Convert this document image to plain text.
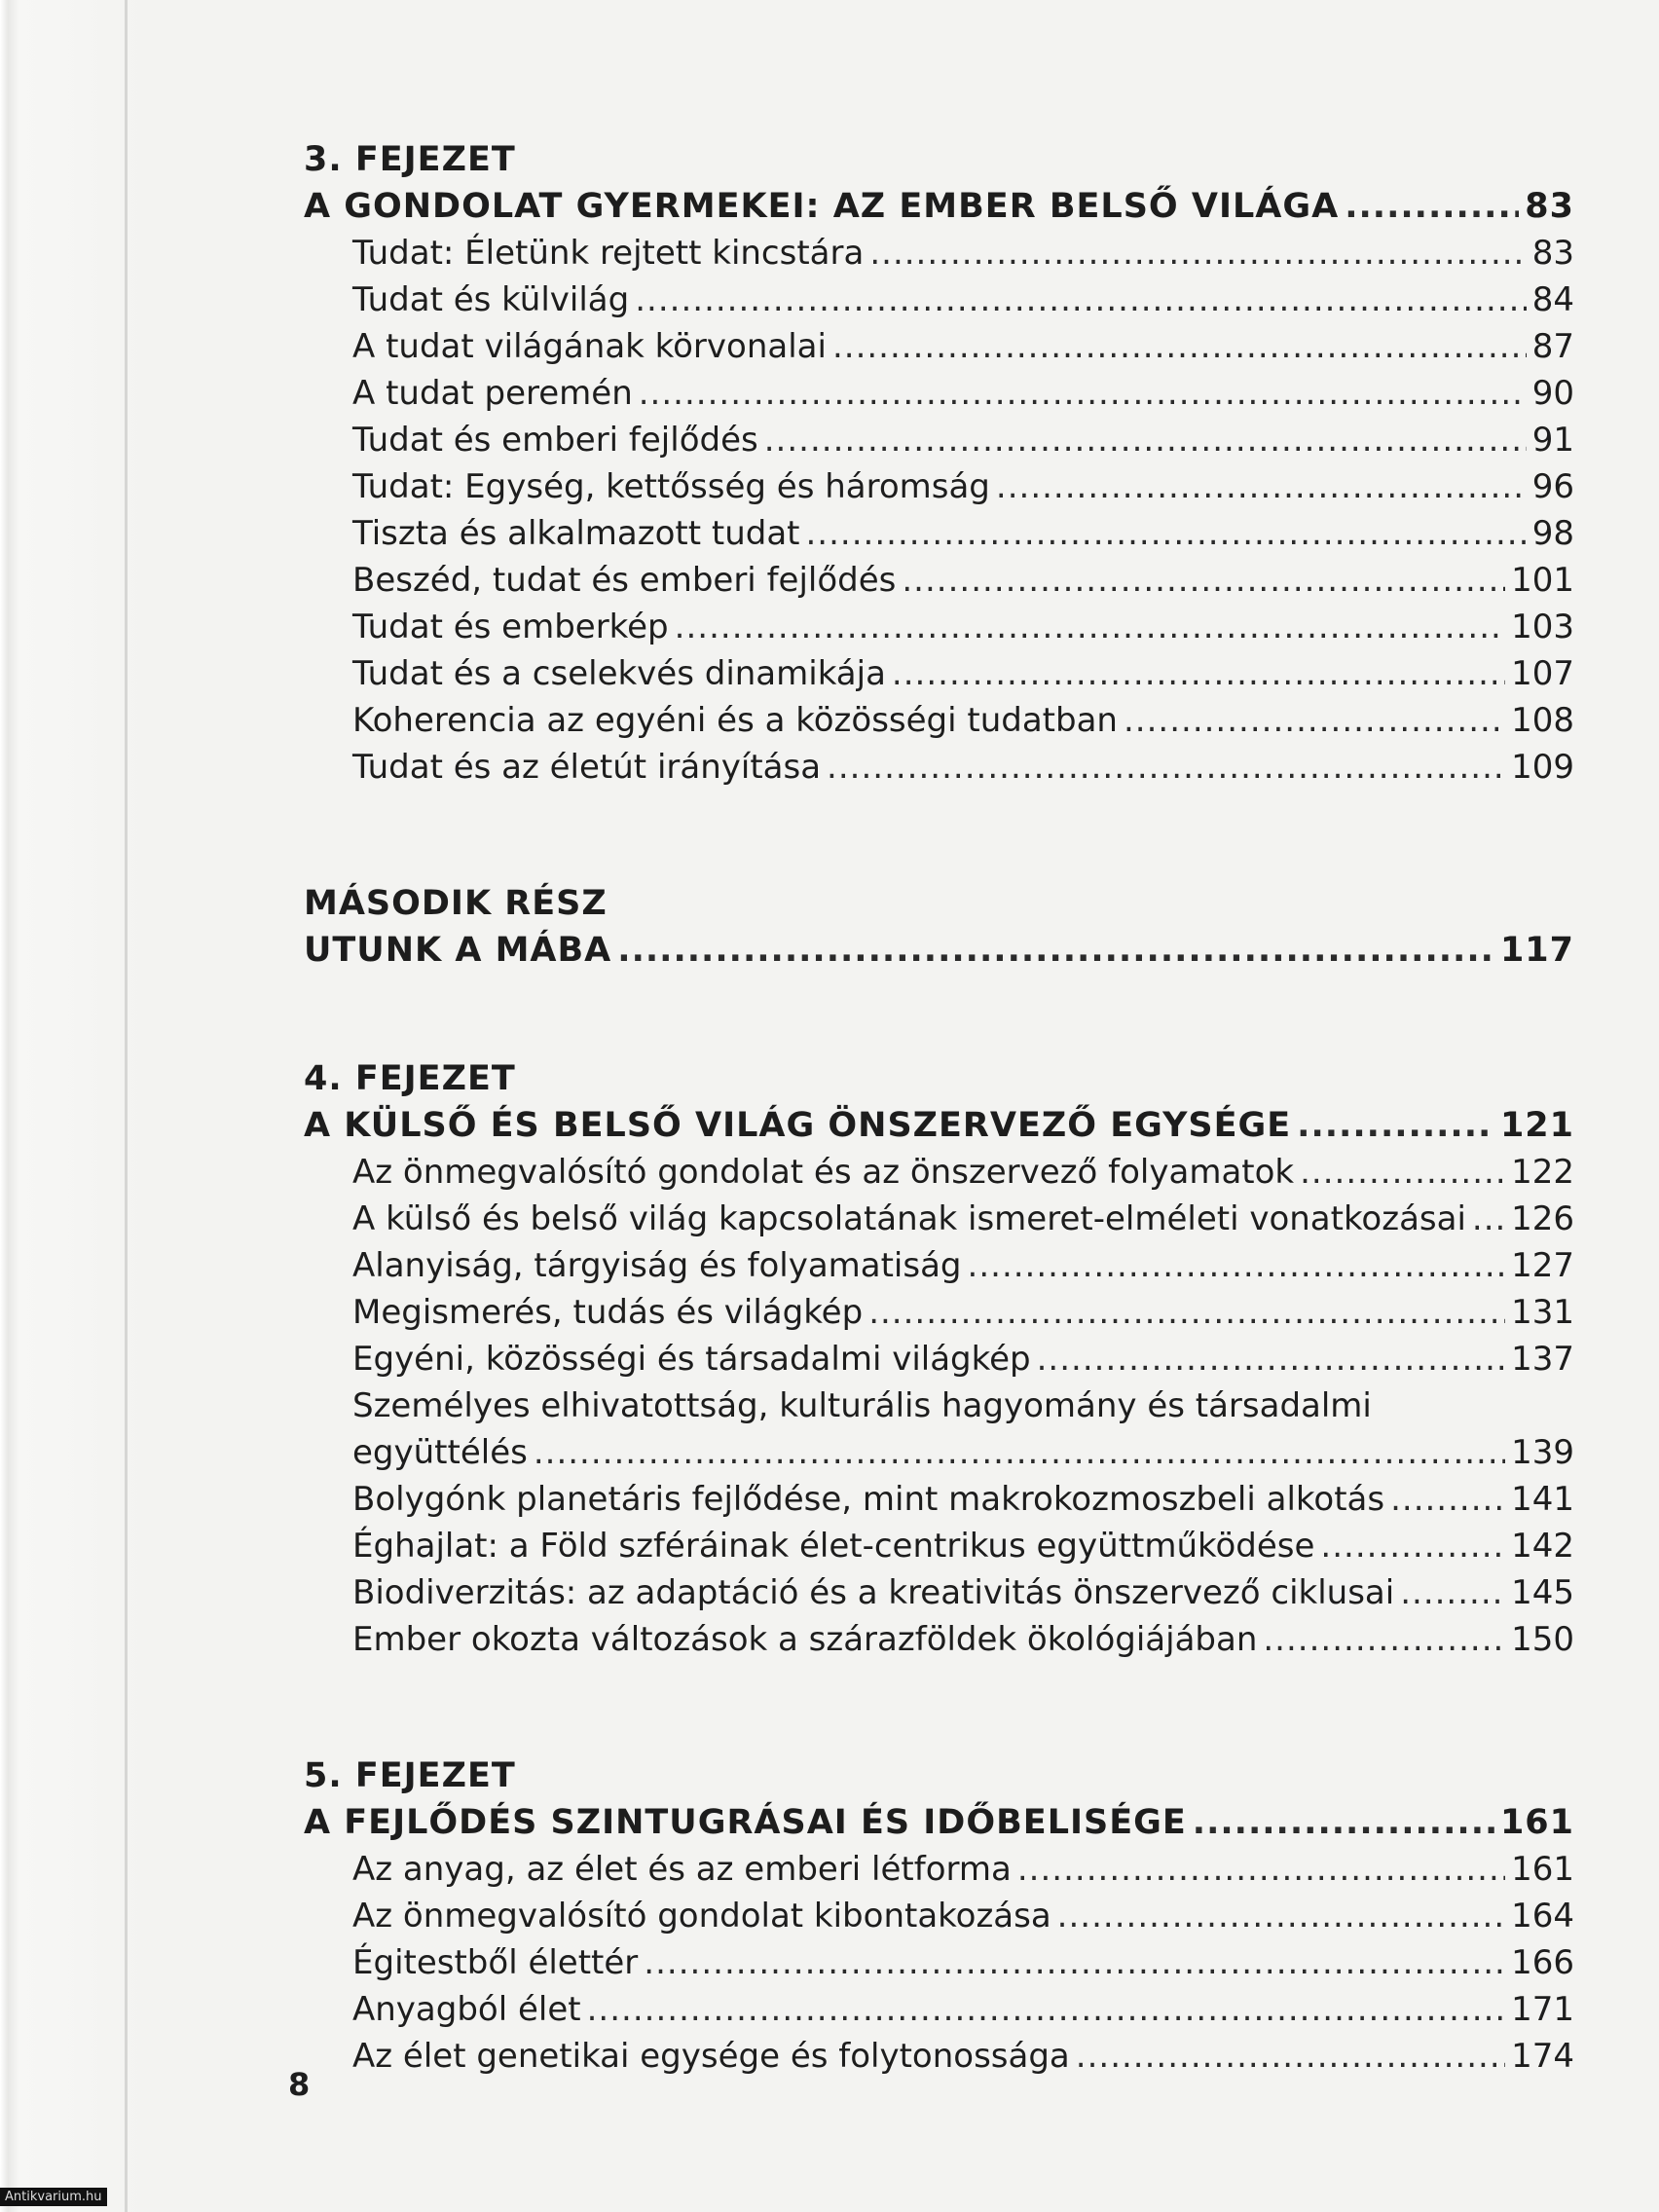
3. FEJEZET
A GONDOLAT GYERMEKEI: AZ EMBER BELSŐ VILÁGA .....	83
Tudat: Életünk rejtett kincstára .....	83
Tudat és külvilág .....	84
A tudat világának körvonalai .....	87
A tudat peremén .....	90
Tudat és emberi fejlődés .....	91
Tudat: Egység, kettősség és háromság .....	96
Tiszta és alkalmazott tudat .....	98
Beszéd, tudat és emberi fejlődés .....	101
Tudat és emberkép .....	103
Tudat és a cselekvés dinamikája .....	107
Koherencia az egyéni és a közösségi tudatban .....	108
Tudat és az életút irányítása .....	109
MÁSODIK RÉSZ
UTUNK A MÁBA .....	117
4. FEJEZET
A KÜLSŐ ÉS BELSŐ VILÁG ÖNSZERVEZŐ EGYSÉGE .....	121
Az önmegvalósító gondolat és az önszervező folyamatok .....	122
A külső és belső világ kapcsolatának ismeret-elméleti vonatkozásai ..... 126
Alanyiság, tárgyiság és folyamatiság .....	127
Megismerés, tudás és világkép .....	131
Egyéni, közösségi és társadalmi világkép .....	137
Személyes elhivatottság, kulturális hagyomány és társadalmi
együttélés .....	139
Bolygónk planetáris fejlődése, mint makrokozmoszbeli alkotás .....	141
Éghajlat: a Föld szféráinak élet-centrikus együttműködése .....	142
Biodiverzitás: az adaptáció és a kreativitás önszervező ciklusai .....	145
Ember okozta változások a szárazföldek ökológiájában .....	150
5. FEJEZET
A FEJLŐDÉS SZINTUGRÁSAI ÉS IDŐBELISÉGE .....	161
Az anyag, az élet és az emberi létforma .....	161
Az önmegvalósító gondolat kibontakozása .....	164
Égitestből élettér .....	166
Anyagból élet .....	171
Az élet genetikai egysége és folytonossága .....	174
8
Antikvarium.hu
